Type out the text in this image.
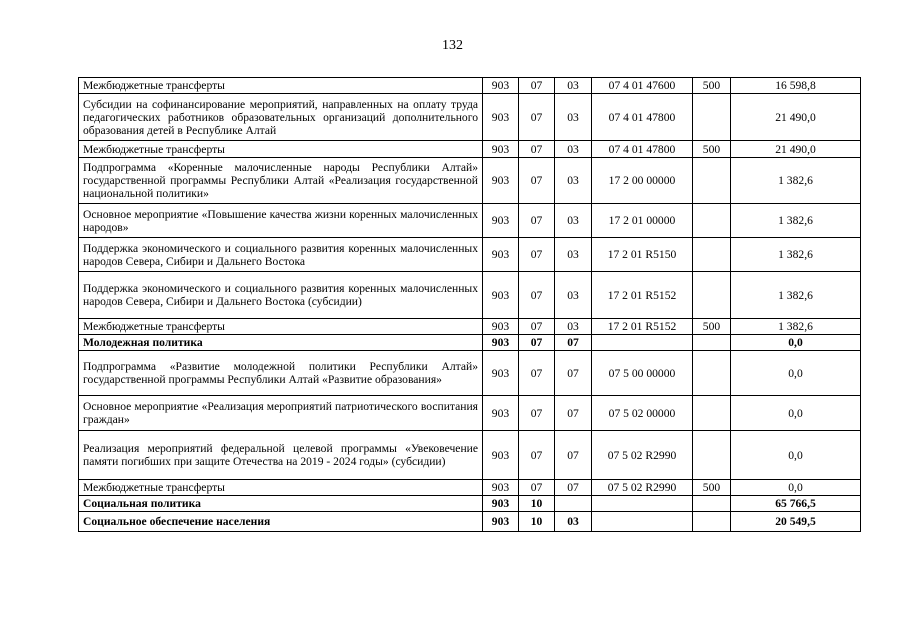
132
Межбюджетные трансферты	903	07	03	07 4 01 47600	500	16 598,8
Субсидии на софинансирование мероприятий, направленных на оплату труда педагогических работников образовательных организаций дополнительного образования детей в Республике Алтай	903	07	03	07 4 01 47800		21 490,0
Межбюджетные трансферты	903	07	03	07 4 01 47800	500	21 490,0
Подпрограмма «Коренные малочисленные народы Республики Алтай» государственной программы Республики Алтай «Реализация государственной национальной политики»	903	07	03	17 2 00 00000		1 382,6
Основное мероприятие «Повышение качества жизни коренных малочисленных народов»	903	07	03	17 2 01 00000		1 382,6
Поддержка экономического и социального развития коренных малочисленных народов Севера, Сибири и Дальнего Востока	903	07	03	17 2 01 R5150		1 382,6
Поддержка экономического и социального развития коренных малочисленных народов Севера, Сибири и Дальнего Востока (субсидии)	903	07	03	17 2 01 R5152		1 382,6
Межбюджетные трансферты	903	07	03	17 2 01 R5152	500	1 382,6
Молодежная политика	903	07	07			0,0
Подпрограмма «Развитие молодежной политики Республики Алтай» государственной программы Республики Алтай «Развитие образования»	903	07	07	07 5 00 00000		0,0
Основное мероприятие «Реализация мероприятий патриотического воспитания граждан»	903	07	07	07 5 02 00000		0,0
Реализация мероприятий федеральной целевой программы «Увековечение памяти погибших при защите Отечества на 2019 - 2024 годы» (субсидии)	903	07	07	07 5 02 R2990		0,0
Межбюджетные трансферты	903	07	07	07 5 02 R2990	500	0,0
Социальная политика	903	10				65 766,5
Социальное обеспечение населения	903	10	03			20 549,5
